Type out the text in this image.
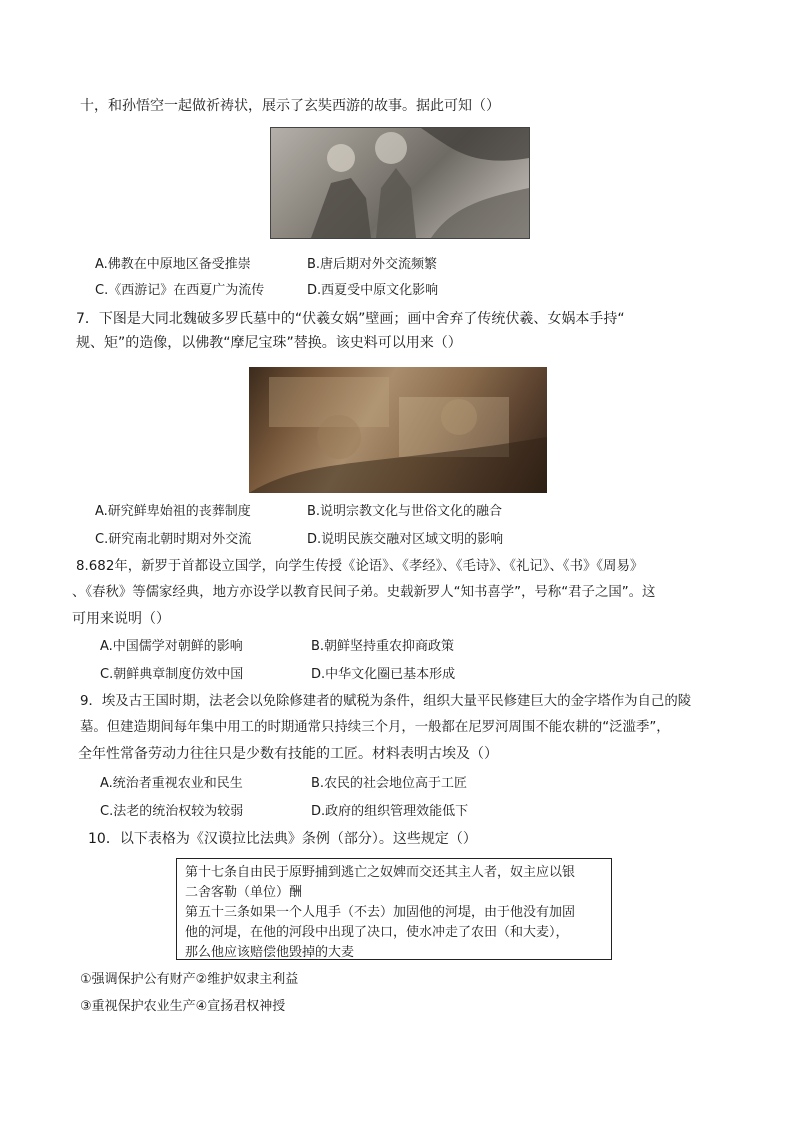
十，和孙悟空一起做祈祷状，展示了玄奘西游的故事。据此可知（）
A.佛教在中原地区备受推崇	B.唐后期对外交流频繁
C.《西游记》在西夏广为流传	D.西夏受中原文化影响
7．下图是大同北魏破多罗氏墓中的“伏羲女娲”壁画；画中舍弃了传统伏羲、女娲本手持“
规、矩”的造像，以佛教“摩尼宝珠”替换。该史料可以用来（）
A.研究鲜卑始祖的丧葬制度	B.说明宗教文化与世俗文化的融合
C.研究南北朝时期对外交流	D.说明民族交融对区域文明的影响
8.682年，新罗于首都设立国学，向学生传授《论语》、《孝经》、《毛诗》、《礼记》、《书》《周易》
、《春秋》等儒家经典，地方亦设学以教育民间子弟。史载新罗人“知书喜学”，号称“君子之国”。这
可用来说明（）
A.中国儒学对朝鲜的影响	B.朝鲜坚持重农抑商政策
C.朝鲜典章制度仿效中国	D.中华文化圈已基本形成
9．埃及古王国时期，法老会以免除修建者的赋税为条件，组织大量平民修建巨大的金字塔作为自己的陵
墓。但建造期间每年集中用工的时期通常只持续三个月，一般都在尼罗河周围不能农耕的“泛滥季”，
全年性常备劳动力往往只是少数有技能的工匠。材料表明古埃及（）
A.统治者重视农业和民生	B.农民的社会地位高于工匠
C.法老的统治权较为较弱	D.政府的组织管理效能低下
10．以下表格为《汉谟拉比法典》条例（部分）。这些规定（）
第十七条自由民于原野捕到逃亡之奴婢而交还其主人者，奴主应以银
二舍客勒（单位）酬
第五十三条如果一个人甩手（不去）加固他的河堤，由于他没有加固
他的河堤，在他的河段中出现了决口，使水冲走了农田（和大麦），
那么他应该赔偿他毁掉的大麦
①强调保护公有财产②维护奴隶主利益
③重视保护农业生产④宣扬君权神授
